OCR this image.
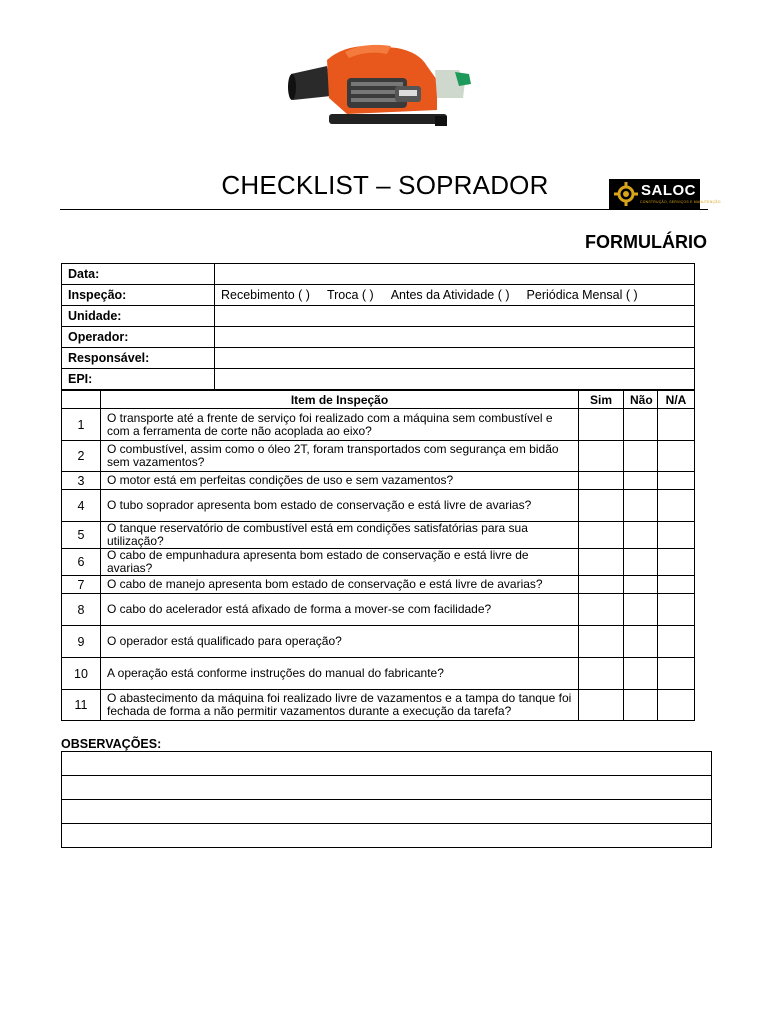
CHECKLIST – SOPRADOR	SALOC
CONSTRUÇÃO, SERVIÇOS E MANUTENÇÃO
FORMULÁRIO
Data:	
Inspeção:	Recebimento ( ) Troca ( ) Antes da Atividade ( ) Periódica Mensal ( )
Unidade:	
Operador:	
Responsável:	
EPI:	
	Item de Inspeção	Sim	Não	N/A
1	O transporte até a frente de serviço foi realizado com a máquina sem combustível e com a ferramenta de corte não acoplada ao eixo?			
2	O combustível, assim como o óleo 2T, foram transportados com segurança em bidão sem vazamentos?			
3	O motor está em perfeitas condições de uso e sem vazamentos?			
4	O tubo soprador apresenta bom estado de conservação e está livre de avarias?			
5	O tanque reservatório de combustível está em condições satisfatórias para sua utilização?			
6	O cabo de empunhadura apresenta bom estado de conservação e está livre de avarias?			
7	O cabo de manejo apresenta bom estado de conservação e está livre de avarias?			
8	O cabo do acelerador está afixado de forma a mover-se com facilidade?			
9	O operador está qualificado para operação?			
10	A operação está conforme instruções do manual do fabricante?			
11	O abastecimento da máquina foi realizado livre de vazamentos e a tampa do tanque foi fechada de forma a não permitir vazamentos durante a execução da tarefa?			
OBSERVAÇÕES:
